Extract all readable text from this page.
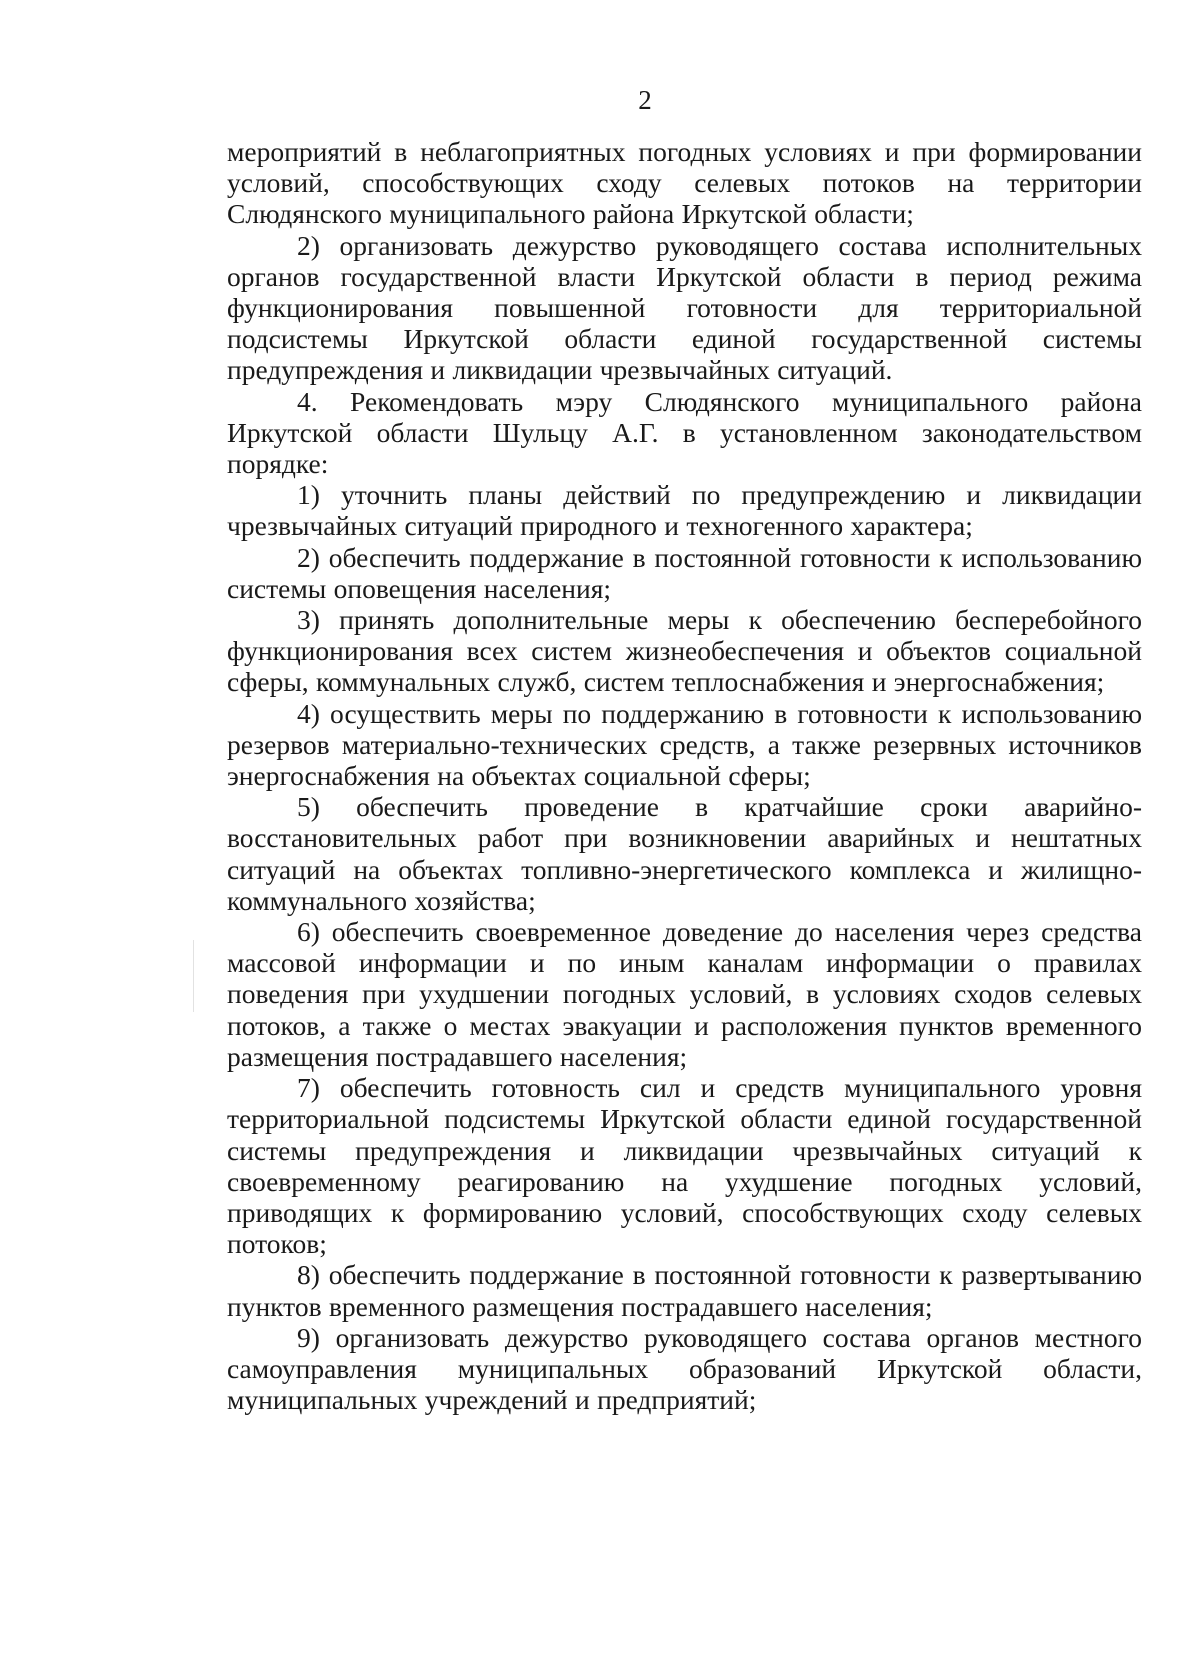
2

мероприятий в неблагоприятных погодных условиях и при формировании условий, способствующих сходу селевых потоков на территории Слюдянского муниципального района Иркутской области;

2) организовать дежурство руководящего состава исполнительных органов государственной власти Иркутской области в период режима функционирования повышенной готовности для территориальной подсистемы Иркутской области единой государственной системы предупреждения и ликвидации чрезвычайных ситуаций.

4. Рекомендовать мэру Слюдянского муниципального района Иркутской области Шульцу А.Г. в установленном законодательством порядке:

1) уточнить планы действий по предупреждению и ликвидации чрезвычайных ситуаций природного и техногенного характера;

2) обеспечить поддержание в постоянной готовности к использованию системы оповещения населения;

3) принять дополнительные меры к обеспечению бесперебойного функционирования всех систем жизнеобеспечения и объектов социальной сферы, коммунальных служб, систем теплоснабжения и энергоснабжения;

4) осуществить меры по поддержанию в готовности к использованию резервов материально-технических средств, а также резервных источников энергоснабжения на объектах социальной сферы;

5) обеспечить проведение в кратчайшие сроки аварийно-восстановительных работ при возникновении аварийных и нештатных ситуаций на объектах топливно-энергетического комплекса и жилищно-коммунального хозяйства;

6) обеспечить своевременное доведение до населения через средства массовой информации и по иным каналам информации о правилах поведения при ухудшении погодных условий, в условиях сходов селевых потоков, а также о местах эвакуации и расположения пунктов временного размещения пострадавшего населения;

7) обеспечить готовность сил и средств муниципального уровня территориальной подсистемы Иркутской области единой государственной системы предупреждения и ликвидации чрезвычайных ситуаций к своевременному реагированию на ухудшение погодных условий, приводящих к формированию условий, способствующих сходу селевых потоков;

8) обеспечить поддержание в постоянной готовности к развертыванию пунктов временного размещения пострадавшего населения;

9) организовать дежурство руководящего состава органов местного самоуправления муниципальных образований Иркутской области, муниципальных учреждений и предприятий;
